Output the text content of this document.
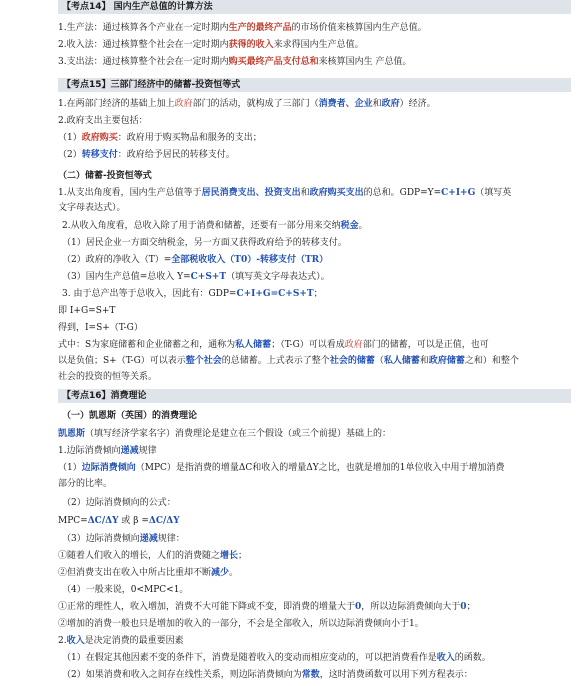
【考点14】 国内生产总值的计算方法
1.生产法：通过核算各个产业在一定时期内生产的最终产品的市场价值来核算国内生产总值。
2.收入法：通过核算整个社会在一定时期内获得的收入来求得国内生产总值。
3.支出法：通过核算整个社会在一定时期内购买最终产品支付总和来核算国内生 产总值。
【考点15】三部门经济中的储蓄-投资恒等式
1.在两部门经济的基础上加上政府部门的活动，就构成了三部门（消费者、企业和政府）经济。
2.政府支出主要包括：
（1）政府购买：政府用于购买物品和服务的支出；
（2）转移支付：政府给予居民的转移支付。
（二）储蓄-投资恒等式
1.从支出角度看，国内生产总值等于居民消费支出、投资支出和政府购买支出的总和。GDP=Y=C+I+G（填写英
文字母表达式）。
2.从收入角度看，总收入除了用于消费和储蓄，还要有一部分用来交纳税金。
（1）居民企业一方面交纳税金，另一方面又获得政府给予的转移支付。
（2）政府的净收入（T）=全部税收收入（T0）-转移支付（TR）
（3）国内生产总值=总收入 Y=C+S+T（填写英文字母表达式）。
3. 由于总产出等于总收入，因此有：GDP=C+I+G=C+S+T；
即 I+G=S+T
得到，I=S+（T-G）
式中：S为家庭储蓄和企业储蓄之和，通称为私人储蓄；（T-G）可以看成政府部门的储蓄，可以是正值，也可
以是负值；S+（T-G）可以表示整个社会的总储蓄。上式表示了整个社会的储蓄（私人储蓄和政府储蓄之和）和整个
社会的投资的恒等关系。
【考点16】消费理论
（一）凯恩斯（英国）的消费理论
凯恩斯（填写经济学家名字）消费理论是建立在三个假设（或三个前提）基础上的：
1.边际消费倾向递减规律
（1）边际消费倾向（MPC）是指消费的增量ΔC和收入的增量ΔY之比，也就是增加的1单位收入中用于增加消费
部分的比率。
（2）边际消费倾向的公式：
MPC=ΔC/ΔY 或 β =ΔC/ΔY
（3）边际消费倾向递减规律：
①随着人们收入的增长，人们的消费随之增长；
②但消费支出在收入中所占比重却不断减少。
（4）一般来说，0<MPC<1。
①正常的理性人，收入增加，消费不大可能下降或不变，即消费的增量大于0，所以边际消费倾向大于0；
②增加的消费一般也只是增加的收入的一部分，不会是全部收入，所以边际消费倾向小于1。
2.收入是决定消费的最重要因素
（1）在假定其他因素不变的条件下，消费是随着收入的变动而相应变动的，可以把消费看作是收入的函数。
（2）如果消费和收入之间存在线性关系，则边际消费倾向为常数，这时消费函数可以用下列方程表示：
